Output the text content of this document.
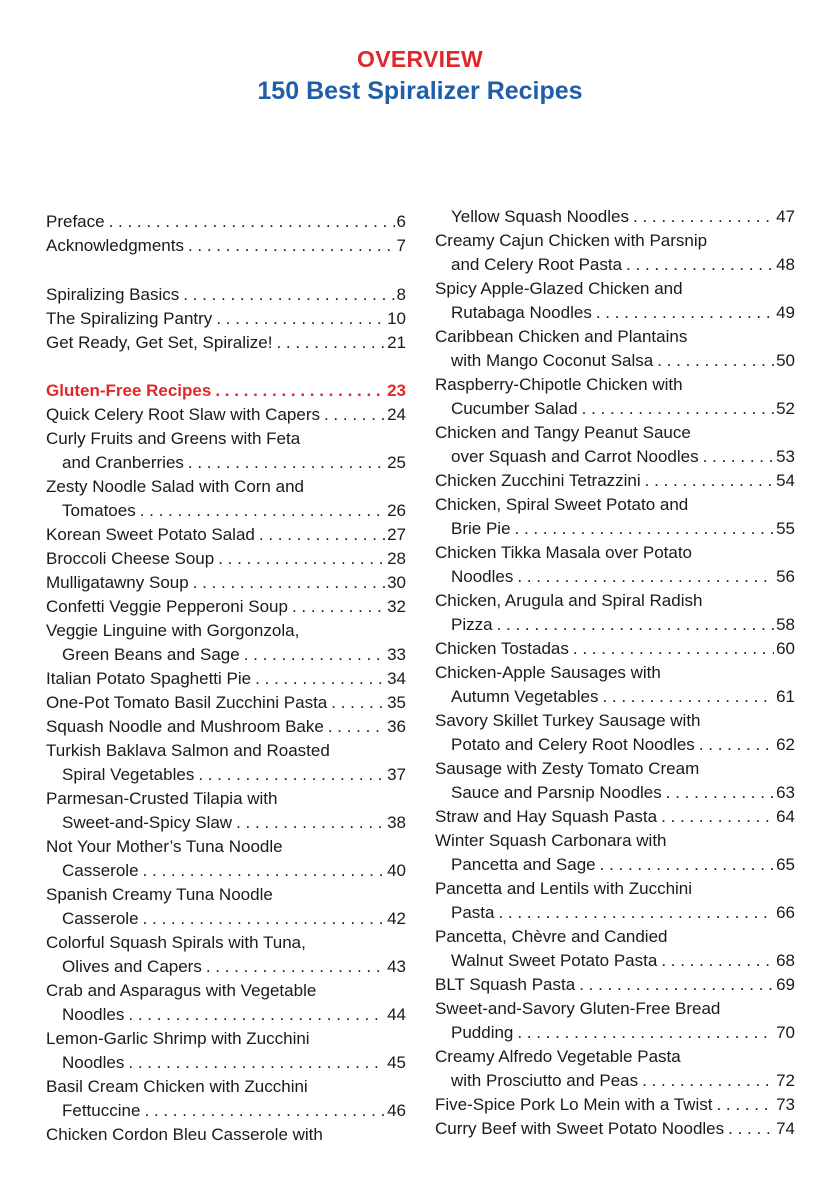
OVERVIEW
150 Best Spiralizer Recipes
Preface . . .	6
Acknowledgments . . .	7
Spiralizing Basics . . .	8
The Spiralizing Pantry . . .	10
Get Ready, Get Set, Spiralize! . . .	21
Gluten-Free Recipes . . .	23
Quick Celery Root Slaw with Capers . . .	24
Curly Fruits and Greens with Feta
and Cranberries . . .	25
Zesty Noodle Salad with Corn and
Tomatoes . . .	26
Korean Sweet Potato Salad . . .	27
Broccoli Cheese Soup . . .	28
Mulligatawny Soup . . .	30
Confetti Veggie Pepperoni Soup . . .	32
Veggie Linguine with Gorgonzola,
Green Beans and Sage . . .	33
Italian Potato Spaghetti Pie . . .	34
One-Pot Tomato Basil Zucchini Pasta . . .	35
Squash Noodle and Mushroom Bake . . .	36
Turkish Baklava Salmon and Roasted
Spiral Vegetables . . .	37
Parmesan-Crusted Tilapia with
Sweet-and-Spicy Slaw . . .	38
Not Your Mother’s Tuna Noodle
Casserole . . .	40
Spanish Creamy Tuna Noodle
Casserole . . .	42
Colorful Squash Spirals with Tuna,
Olives and Capers . . .	43
Crab and Asparagus with Vegetable
Noodles . . .	44
Lemon-Garlic Shrimp with Zucchini
Noodles . . .	45
Basil Cream Chicken with Zucchini
Fettuccine . . .	46
Chicken Cordon Bleu Casserole with
Yellow Squash Noodles . . .	47
Creamy Cajun Chicken with Parsnip
and Celery Root Pasta . . .	48
Spicy Apple-Glazed Chicken and
Rutabaga Noodles . . .	49
Caribbean Chicken and Plantains
with Mango Coconut Salsa . . .	50
Raspberry-Chipotle Chicken with
Cucumber Salad . . .	52
Chicken and Tangy Peanut Sauce
over Squash and Carrot Noodles . . .	53
Chicken Zucchini Tetrazzini . . .	54
Chicken, Spiral Sweet Potato and
Brie Pie . . .	55
Chicken Tikka Masala over Potato
Noodles . . .	56
Chicken, Arugula and Spiral Radish
Pizza . . .	58
Chicken Tostadas . . .	60
Chicken-Apple Sausages with
Autumn Vegetables . . .	61
Savory Skillet Turkey Sausage with
Potato and Celery Root Noodles . . .	62
Sausage with Zesty Tomato Cream
Sauce and Parsnip Noodles . . .	63
Straw and Hay Squash Pasta . . .	64
Winter Squash Carbonara with
Pancetta and Sage . . .	65
Pancetta and Lentils with Zucchini
Pasta . . .	66
Pancetta, Chèvre and Candied
Walnut Sweet Potato Pasta . . .	68
BLT Squash Pasta . . .	69
Sweet-and-Savory Gluten-Free Bread
Pudding . . .	70
Creamy Alfredo Vegetable Pasta
with Prosciutto and Peas . . .	72
Five-Spice Pork Lo Mein with a Twist . . .	73
Curry Beef with Sweet Potato Noodles . . .	74
